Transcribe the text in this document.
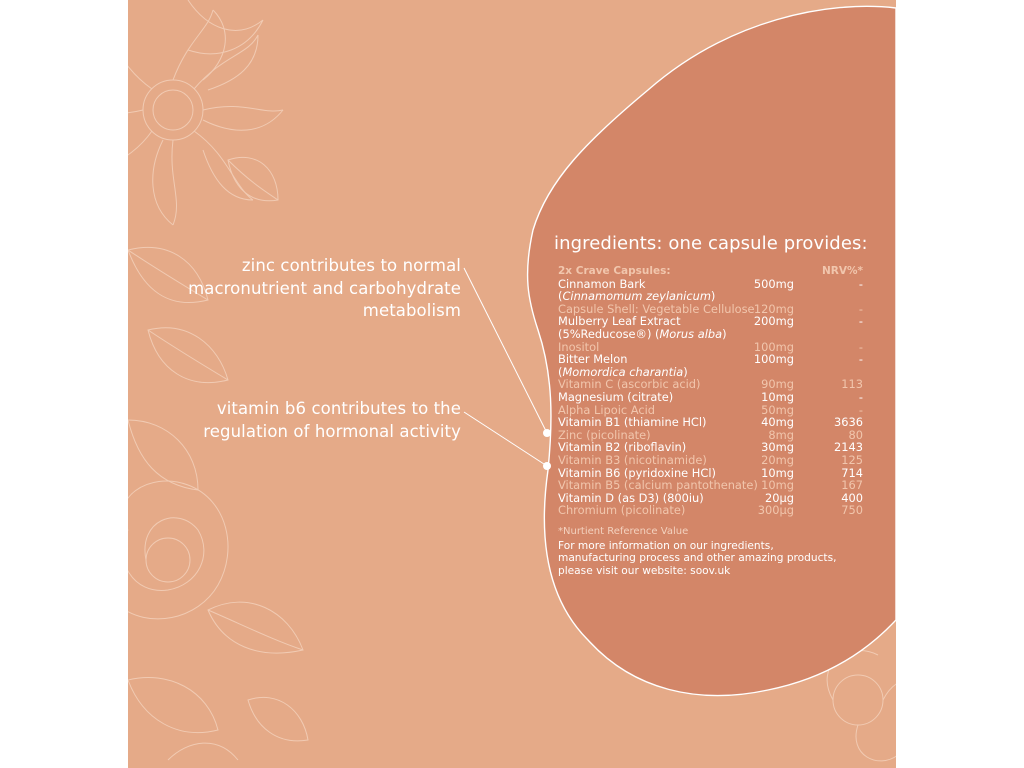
zinc contributes to normal
macronutrient and carbohydrate
metabolism
vitamin b6 contributes to the
regulation of hormonal activity
ingredients: one capsule provides:
2x Crave Capsules:	NRV%*
Cinnamon Bark	500mg	-
(Cinnamomum zeylanicum)
Capsule Shell: Vegetable Cellulose 120mg	-
Mulberry Leaf Extract	200mg	-
(5%Reducose®) (Morus alba)
Inositol	100mg	-
Bitter Melon	100mg	-
(Momordica charantia)
Vitamin C (ascorbic acid)	90mg	113
Magnesium (citrate)	10mg	-
Alpha Lipoic Acid	50mg	-
Vitamin B1 (thiamine HCl)	40mg	3636
Zinc (picolinate)	8mg	80
Vitamin B2 (riboflavin)	30mg	2143
Vitamin B3 (nicotinamide)	20mg	125
Vitamin B6 (pyridoxine HCl)	10mg	714
Vitamin B5 (calcium pantothenate) 10mg	167
Vitamin D (as D3) (800iu)	20µg	400
Chromium (picolinate)	300µg	750
*Nurtient Reference Value
For more information on our ingredients,
manufacturing process and other amazing products,
please visit our website: soov.uk
